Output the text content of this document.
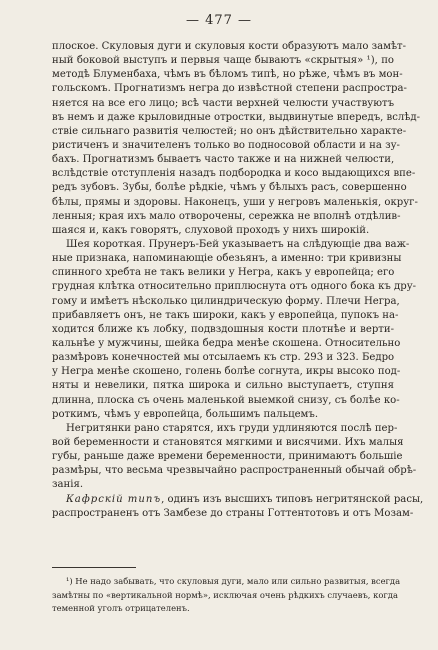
— 477 —
плоское. Скуловыя дуги и скуловыя кости образуютъ мало замѣт-
ный боковой выступъ и первыя чаще бываютъ «скрытыя» ¹), по
методѣ Блуменбаха, чѣмъ въ бѣломъ типѣ, но рѣже, чѣмъ въ мон-
гольскомъ. Прогнатизмъ негра до извѣстной степени распростра-
няется на все его лицо; всѣ части верхней челюсти участвуютъ
въ немъ и даже крыловидные отростки, выдвинутые впередъ, вслѣд-
ствіе сильнаго развитія челюстей; но онъ дѣйствительно характе-
ристиченъ и значителенъ только во подносовой области и на зу-
бахъ. Прогнатизмъ бываетъ часто также и на нижней челюсти,
вслѣдствіе отступленія назадъ подбородка и косо выдающихся впе-
редъ зубовъ. Зубы, болѣе рѣдкіе, чѣмъ у бѣлыхъ расъ, совершенно
бѣлы, прямы и здоровы. Наконецъ, уши у негровъ маленькія, округ-
ленныя; края ихъ мало отворочены, сережка не вполнѣ отдѣлив-
шаяся и, какъ говорятъ, слуховой проходъ у нихъ широкій.
Шея короткая. Прунеръ-Бей указываетъ на слѣдующіе два важ-
ные признака, напоминающіе обезьянъ, а именно: три кривизны
спинного хребта не такъ велики у Негра, какъ у европейца; его
грудная клѣтка относительно приплюснута отъ одного бока къ дру-
гому и имѣетъ нѣсколько цилиндрическую форму. Плечи Негра,
прибавляетъ онъ, не такъ широки, какъ у европейца, пупокъ на-
ходится ближе къ лобку, подвздошныя кости плотнѣе и верти-
кальнѣе у мужчины, шейка бедра менѣе скошена. Относительно
размѣровъ конечностей мы отсылаемъ къ стр. 293 и 323. Бедро
у Негра менѣе скошено, голень болѣе согнута, икры высоко под-
няты и невелики, пятка широка и сильно выступаетъ, ступня
длинна, плоска съ очень маленькой выемкой снизу, съ болѣе ко-
роткимъ, чѣмъ у европейца, большимъ пальцемъ.
Негритянки рано старятся, ихъ груди удлиняются послѣ пер-
вой беременности и становятся мягкими и висячими. Ихъ малыя
губы, раньше даже времени беременности, принимаютъ большіе
размѣры, что весьма чрезвычайно распространенный обычай обрѣ-
занія.
Кафрскій типъ, одинъ изъ высшихъ типовъ негритянской расы,
распространенъ отъ Замбезе до страны Готтентотовъ и отъ Мозам-
¹) Не надо забывать, что скуловыя дуги, мало или сильно развитыя, всегда
замѣтны по «вертикальной нормѣ», исключая очень рѣдкихъ случаевъ, когда
теменной уголъ отрицателенъ.
